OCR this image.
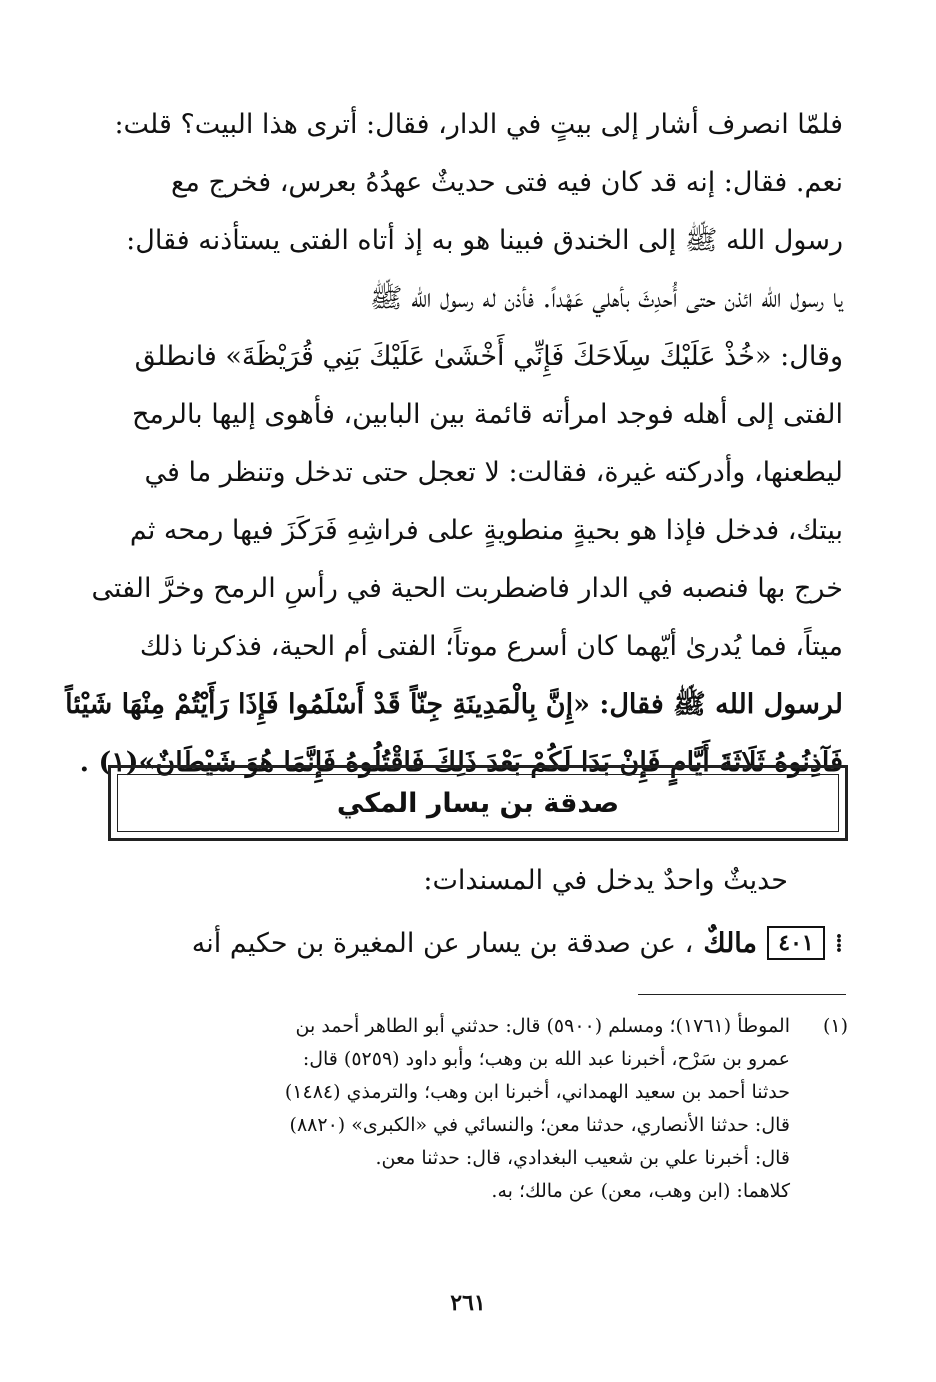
فلمّا انصرف أشار إلى بيتٍ في الدار، فقال: أترى هذا البيت؟ قلت:
نعم. فقال: إنه قد كان فيه فتى حديثٌ عهدُهُ بعرس، فخرج مع
رسول الله ﷺ إلى الخندق فبينا هو به إذ أتاه الفتى يستأذنه فقال:
يا رسول الله ائذن حتى أُحدِثَ بأهلي عَهْداً. فأذن له رسول الله ﷺ
وقال: «خُذْ عَلَيْكَ سِلَاحَكَ فَإِنِّي أَخْشَىٰ عَلَيْكَ بَنِي قُرَيْظَةَ» فانطلق
الفتى إلى أهله فوجد امرأته قائمة بين البابين، فأهوى إليها بالرمح
ليطعنها، وأدركته غيرة، فقالت: لا تعجل حتى تدخل وتنظر ما في
بيتك، فدخل فإذا هو بحيةٍ منطويةٍ على فراشِهِ فَرَكَزَ فيها رمحه ثم
خرج بها فنصبه في الدار فاضطربت الحية في رأسِ الرمح وخرَّ الفتى
ميتاً، فما يُدرىٰ أيّهما كان أسرع موتاً؛ الفتى أم الحية، فذكرنا ذلك
لرسول الله ﷺ فقال: «إِنَّ بِالْمَدِينَةِ جِنّاً قَدْ أَسْلَمُوا فَإِذَا رَأَيْتُمْ مِنْهَا شَيْئاً
فَآذِنُوهُ ثَلَاثَةَ أَيَّامٍ فَإِنْ بَدَا لَكُمْ بَعْدَ ذَلِكَ فَاقْتُلُوهُ فَإِنَّمَا هُوَ شَيْطَانٌ»(١) .
صدقة بن يسار المكي
حديثٌ واحدٌ يدخل في المسندات:
⁞
٤٠١
مالكٌ
، عن صدقة بن يسار عن المغيرة بن حكيم أنه
(١)الموطأ (١٧٦١)؛ ومسلم (٥٩٠٠) قال: حدثني أبو الطاهر أحمد بن
عمرو بن سَرْح، أخبرنا عبد الله بن وهب؛ وأبو داود (٥٢٥٩) قال:
حدثنا أحمد بن سعيد الهمداني، أخبرنا ابن وهب؛ والترمذي (١٤٨٤)
قال: حدثنا الأنصاري، حدثنا معن؛ والنسائي في «الكبرى» (٨٨٢٠)
قال: أخبرنا علي بن شعيب البغدادي، قال: حدثنا معن.
كلاهما: (ابن وهب، معن) عن مالك؛ به.
٢٦١
